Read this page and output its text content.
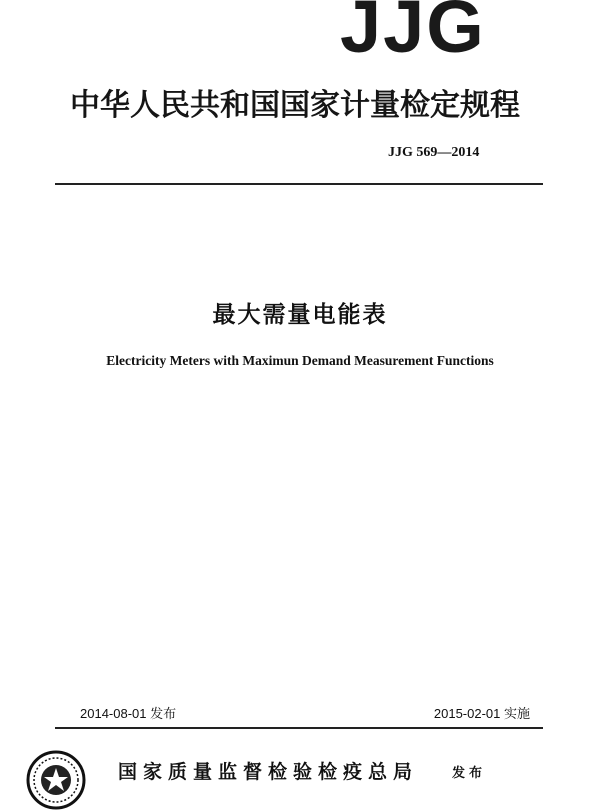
JJG
中华人民共和国国家计量检定规程
JJG 569—2014
最大需量电能表
Electricity Meters with Maximun Demand Measurement Functions
2014-08-01 发布	2015-02-01 实施
国家质量监督检验检疫总局	发布
